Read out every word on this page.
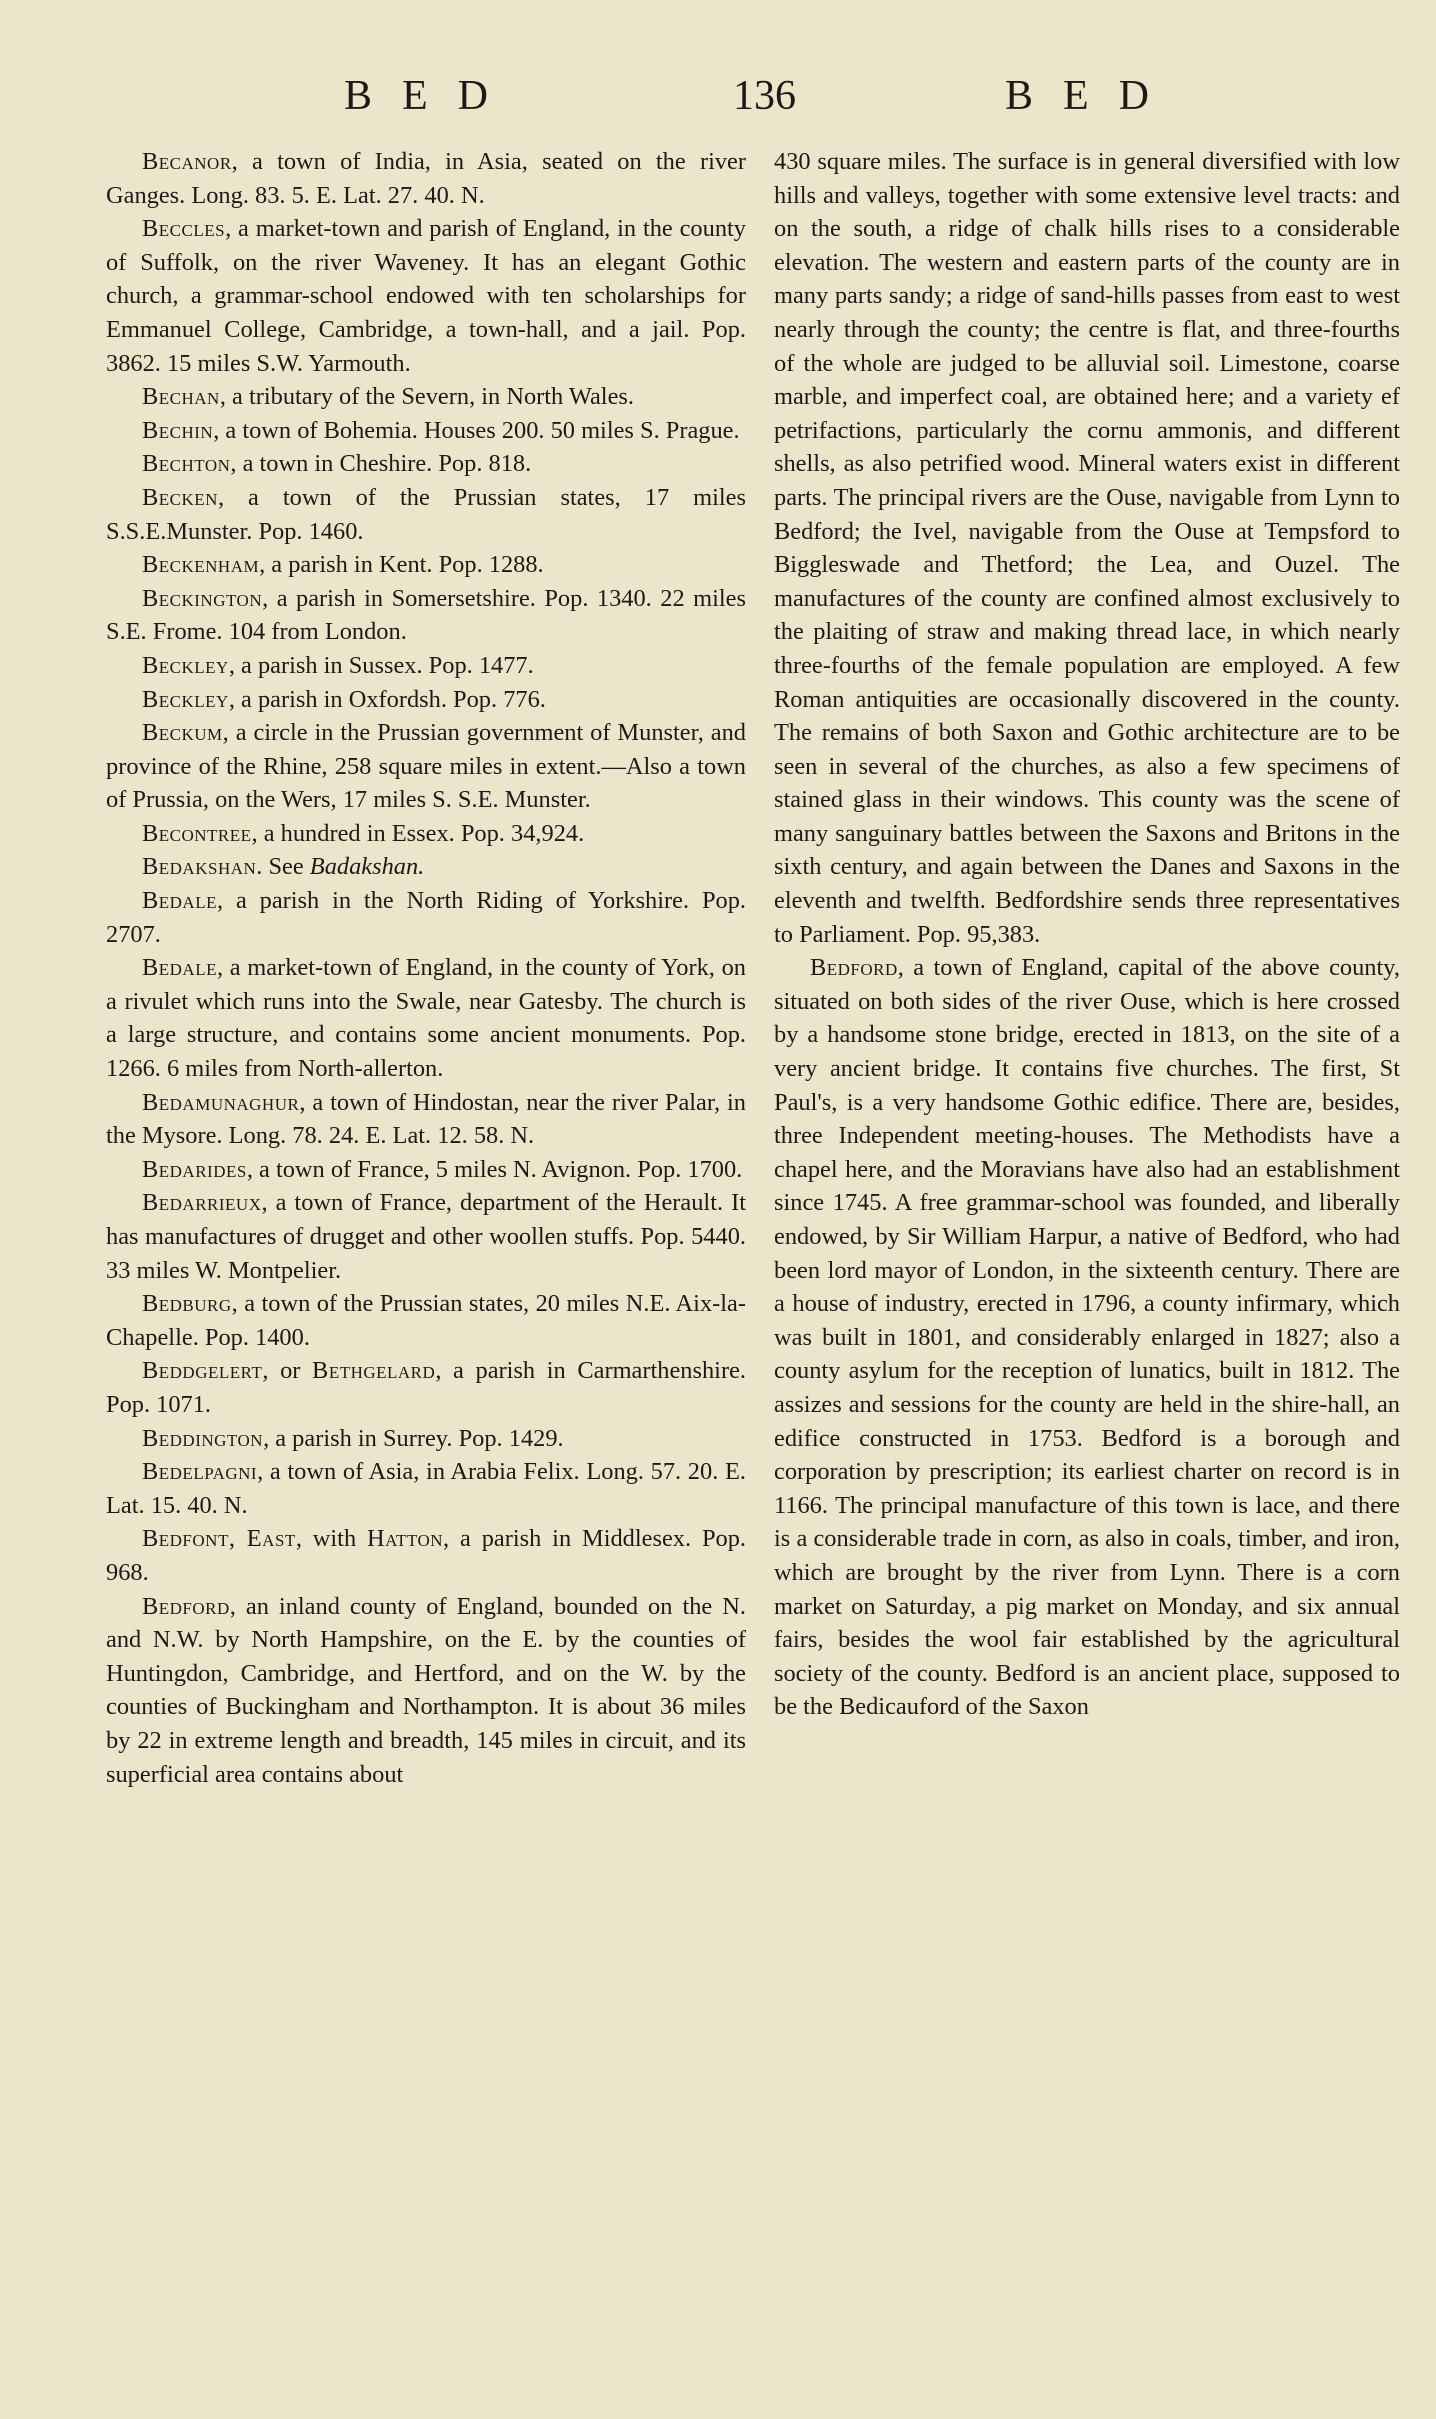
BED	136	BED

Becanor, a town of India, in Asia, seated on the river Ganges. Long. 83. 5. E. Lat. 27. 40. N.

Beccles, a market-town and parish of England, in the county of Suffolk, on the river Waveney. It has an elegant Gothic church, a grammar-school endowed with ten scholarships for Emmanuel College, Cambridge, a town-hall, and a jail. Pop. 3862. 15 miles S.W. Yarmouth.

Bechan, a tributary of the Severn, in North Wales.

Bechin, a town of Bohemia. Houses 200. 50 miles S. Prague.

Bechton, a town in Cheshire. Pop. 818.

Becken, a town of the Prussian states, 17 miles S.S.E.Munster. Pop. 1460.

Beckenham, a parish in Kent. Pop. 1288.

Beckington, a parish in Somersetshire. Pop. 1340. 22 miles S.E. Frome. 104 from London.

Beckley, a parish in Sussex. Pop. 1477.

Beckley, a parish in Oxfordsh. Pop. 776.

Beckum, a circle in the Prussian government of Munster, and province of the Rhine, 258 square miles in extent.—Also a town of Prussia, on the Wers, 17 miles S. S.E. Munster.

Becontree, a hundred in Essex. Pop. 34,924.

Bedakshan. See Badakshan.

Bedale, a parish in the North Riding of Yorkshire. Pop. 2707.

Bedale, a market-town of England, in the county of York, on a rivulet which runs into the Swale, near Gatesby. The church is a large structure, and contains some ancient monuments. Pop. 1266. 6 miles from North-allerton.

Bedamunaghur, a town of Hindostan, near the river Palar, in the Mysore. Long. 78. 24. E. Lat. 12. 58. N.

Bedarides, a town of France, 5 miles N. Avignon. Pop. 1700.

Bedarrieux, a town of France, department of the Herault. It has manufactures of drugget and other woollen stuffs. Pop. 5440. 33 miles W. Montpelier.

Bedburg, a town of the Prussian states, 20 miles N.E. Aix-la-Chapelle. Pop. 1400.

Beddgelert, or Bethgelard, a parish in Carmarthenshire. Pop. 1071.

Beddington, a parish in Surrey. Pop. 1429.

Bedelpagni, a town of Asia, in Arabia Felix. Long. 57. 20. E. Lat. 15. 40. N.

Bedfont, East, with Hatton, a parish in Middlesex. Pop. 968.

Bedford, an inland county of England, bounded on the N. and N.W. by North Hampshire, on the E. by the counties of Huntingdon, Cambridge, and Hertford, and on the W. by the counties of Buckingham and Northampton. It is about 36 miles by 22 in extreme length and breadth, 145 miles in circuit, and its superficial area contains about

430 square miles. The surface is in general diversified with low hills and valleys, together with some extensive level tracts: and on the south, a ridge of chalk hills rises to a considerable elevation. The western and eastern parts of the county are in many parts sandy; a ridge of sand-hills passes from east to west nearly through the county; the centre is flat, and three-fourths of the whole are judged to be alluvial soil. Limestone, coarse marble, and imperfect coal, are obtained here; and a variety ef petrifactions, particularly the cornu ammonis, and different shells, as also petrified wood. Mineral waters exist in different parts. The principal rivers are the Ouse, navigable from Lynn to Bedford; the Ivel, navigable from the Ouse at Tempsford to Biggleswade and Thetford; the Lea, and Ouzel. The manufactures of the county are confined almost exclusively to the plaiting of straw and making thread lace, in which nearly three-fourths of the female population are employed. A few Roman antiquities are occasionally discovered in the county. The remains of both Saxon and Gothic architecture are to be seen in several of the churches, as also a few specimens of stained glass in their windows. This county was the scene of many sanguinary battles between the Saxons and Britons in the sixth century, and again between the Danes and Saxons in the eleventh and twelfth. Bedfordshire sends three representatives to Parliament. Pop. 95,383.

Bedford, a town of England, capital of the above county, situated on both sides of the river Ouse, which is here crossed by a handsome stone bridge, erected in 1813, on the site of a very ancient bridge. It contains five churches. The first, St Paul's, is a very handsome Gothic edifice. There are, besides, three Independent meeting-houses. The Methodists have a chapel here, and the Moravians have also had an establishment since 1745. A free grammar-school was founded, and liberally endowed, by Sir William Harpur, a native of Bedford, who had been lord mayor of London, in the sixteenth century. There are a house of industry, erected in 1796, a county infirmary, which was built in 1801, and considerably enlarged in 1827; also a county asylum for the reception of lunatics, built in 1812. The assizes and sessions for the county are held in the shire-hall, an edifice constructed in 1753. Bedford is a borough and corporation by prescription; its earliest charter on record is in 1166. The principal manufacture of this town is lace, and there is a considerable trade in corn, as also in coals, timber, and iron, which are brought by the river from Lynn. There is a corn market on Saturday, a pig market on Monday, and six annual fairs, besides the wool fair established by the agricultural society of the county. Bedford is an ancient place, supposed to be the Bedicauford of the Saxon
